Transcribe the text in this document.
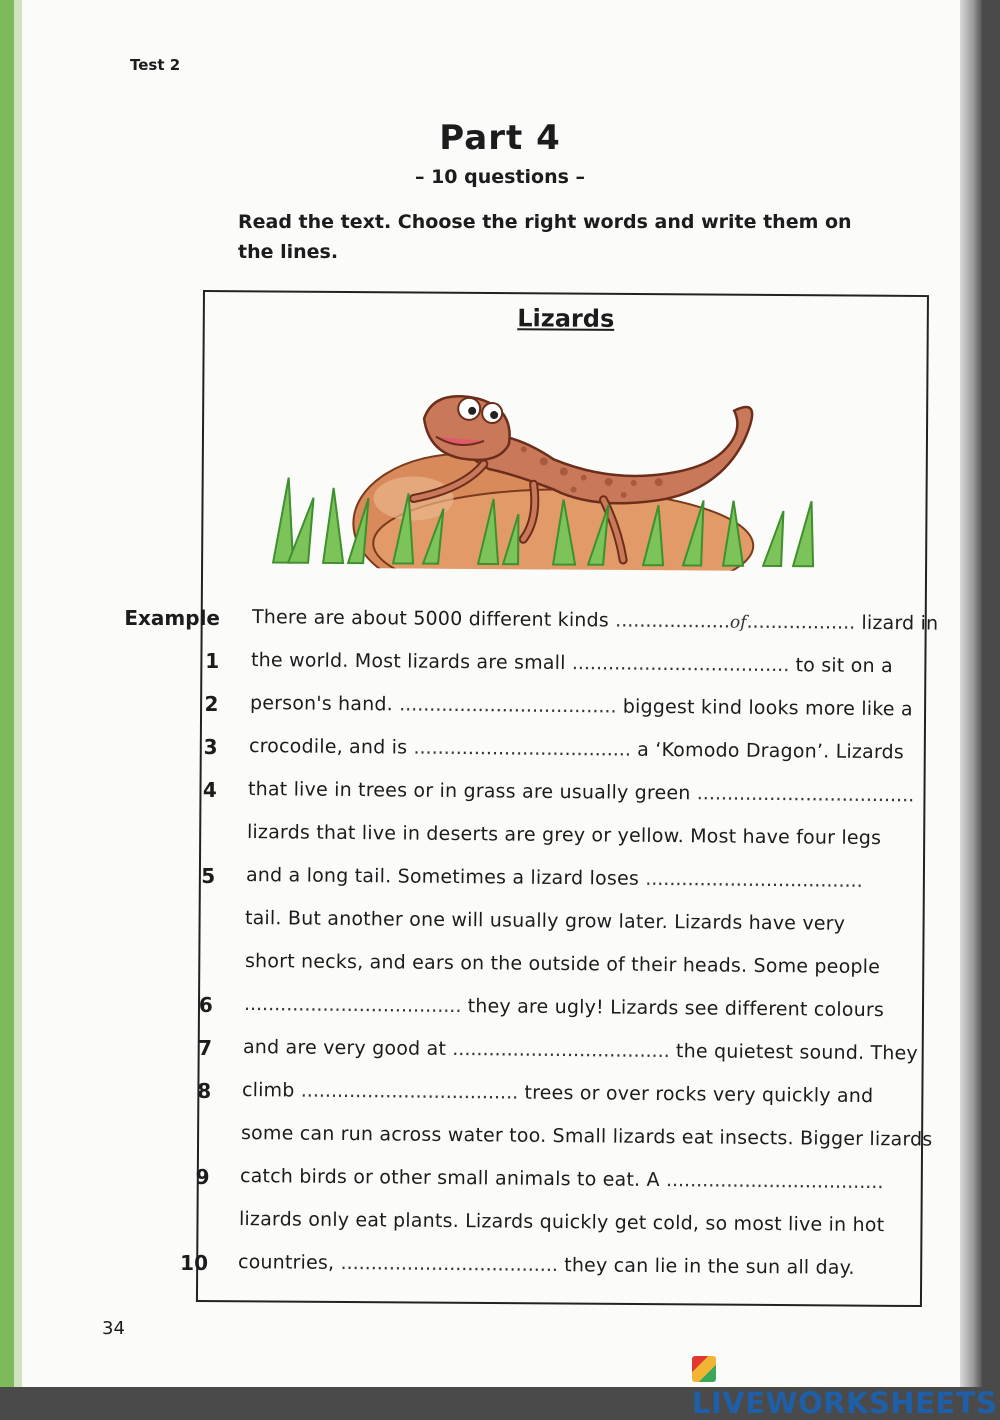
Test 2
Part 4
– 10 questions –
Read the text. Choose the right words and write them on the lines.
Lizards
Example There are about 5000 different kinds ...................of.................. lizard in
1 the world. Most lizards are small .................................... to sit on a
2 person's hand. .................................... biggest kind looks more like a
3 crocodile, and is .................................... a ‘Komodo Dragon’. Lizards
4 that live in trees or in grass are usually green ....................................
lizards that live in deserts are grey or yellow. Most have four legs
5 and a long tail. Sometimes a lizard loses ....................................
tail. But another one will usually grow later. Lizards have very
short necks, and ears on the outside of their heads. Some people
6 .................................... they are ugly! Lizards see different colours
7 and are very good at .................................... the quietest sound. They
8 climb .................................... trees or over rocks very quickly and
some can run across water too. Small lizards eat insects. Bigger lizards
9 catch birds or other small animals to eat. A ....................................
lizards only eat plants. Lizards quickly get cold, so most live in hot
10 countries, .................................... they can lie in the sun all day.
34
LIVEWORKSHEETS
